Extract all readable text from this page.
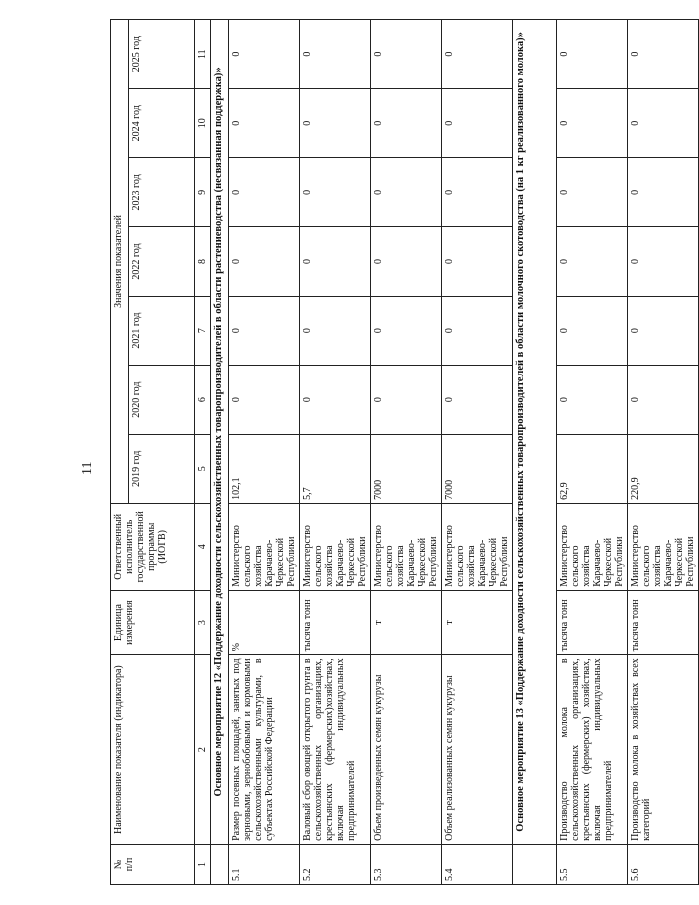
11
№
п/п	Наименование показателя (индикатора)	Единица измерения	Ответственный исполнитель государственной программы (ИОГВ)	Значения показателей						
				2019 год	2020 год	2021 год	2022 год	2023 год	2024 год	2025 год
1	2	3	4	5	6	7	8	9	10	11
	Основное мероприятие 12 «Поддержание доходности сельскохозяйственных товаропроизводителей в области растениеводства (несвязанная поддержка)»									
5.1	Размер посевных площадей, занятых под зерновыми, зернобобовыми и кормовыми сельскохозяйственными культурами, в субъектах Российской Федерации	%	Министерство сельского хозяйства Карачаево-Черкесской Республики	102,1	0	0	0	0	0	0
5.2	Валовый сбор овощей открытого грунта в сельскохозяйственных организациях, крестьянских (фермерских)хозяйствах, включая индивидуальных предпринимателей	тысяча тонн	Министерство сельского хозяйства Карачаево-Черкесской Республики	5,7	0	0	0	0	0	0
5.3	Объем произведенных семян кукурузы	т	Министерство сельского хозяйства Карачаево-Черкесской Республики	7000	0	0	0	0	0	0
5.4	Объем реализованных семян кукурузы	т	Министерство сельского хозяйства Карачаево-Черкесской Республики	7000	0	0	0	0	0	0
	Основное мероприятие 13 «Поддержание доходности сельскохозяйственных товаропроизводителей в области молочного скотоводства (на 1 кг реализованного молока)»									
5.5	Производство молока в сельскохозяйственных организациях, крестьянских (фермерских) хозяйствах, включая индивидуальных предпринимателей	тысяча тонн	Министерство сельского хозяйства Карачаево-Черкесской Республики	62,9	0	0	0	0	0	0
5.6	Производство молока в хозяйствах всех категорий	тысяча тонн	Министерство сельского хозяйства Карачаево-Черкесской Республики	220,9	0	0	0	0	0	0
